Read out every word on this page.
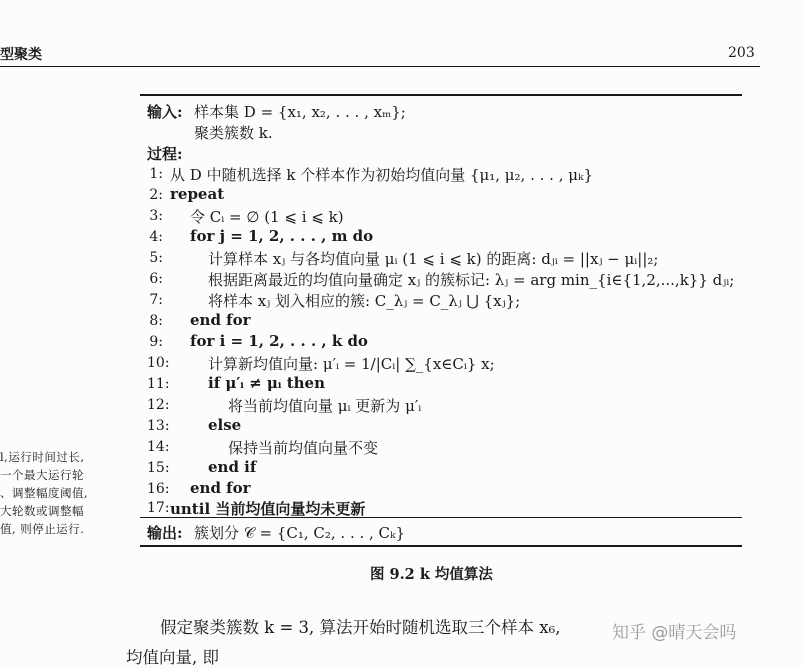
型聚类	203
输入: 样本集 D = {x₁, x₂, . . . , xₘ};
聚类簇数 k.
过程:
1: 从 D 中随机选择 k 个样本作为初始均值向量 {μ₁, μ₂, . . . , μₖ}
2: repeat
3: 令 Cᵢ = ∅ (1 ⩽ i ⩽ k)
4: for j = 1, 2, . . . , m do
5:	计算样本 xⱼ 与各均值向量 μᵢ (1 ⩽ i ⩽ k) 的距离: dⱼᵢ = ||xⱼ − μᵢ||₂;
6:	根据距离最近的均值向量确定 xⱼ 的簇标记: λⱼ = arg min_{i∈{1,2,...,k}} dⱼᵢ;
7:	将样本 xⱼ 划入相应的簇: C_λⱼ = C_λⱼ ⋃ {xⱼ};
8: end for
9: for i = 1, 2, . . . , k do
10:	计算新均值向量: μ′ᵢ = 1/|Cᵢ| ∑_{x∈Cᵢ} x;
11:	if μ′ᵢ ≠ μᵢ then
12:	将当前均值向量 μᵢ 更新为 μ′ᵢ
13:	else
14:	保持当前均值向量不变
15:	end if
16: end for
17: until 当前均值向量均未更新
输出: 簇划分 𝒞 = {C₁, C₂, . . . , Cₖ}
l,运行时间过长,
一个最大运行轮
、调整幅度阈值,
大轮数或调整幅
值, 则停止运行.
图 9.2 k 均值算法
假定聚类簇数 k = 3, 算法开始时随机选取三个样本 x₆,
均值向量, 即
知乎 @晴天会吗
